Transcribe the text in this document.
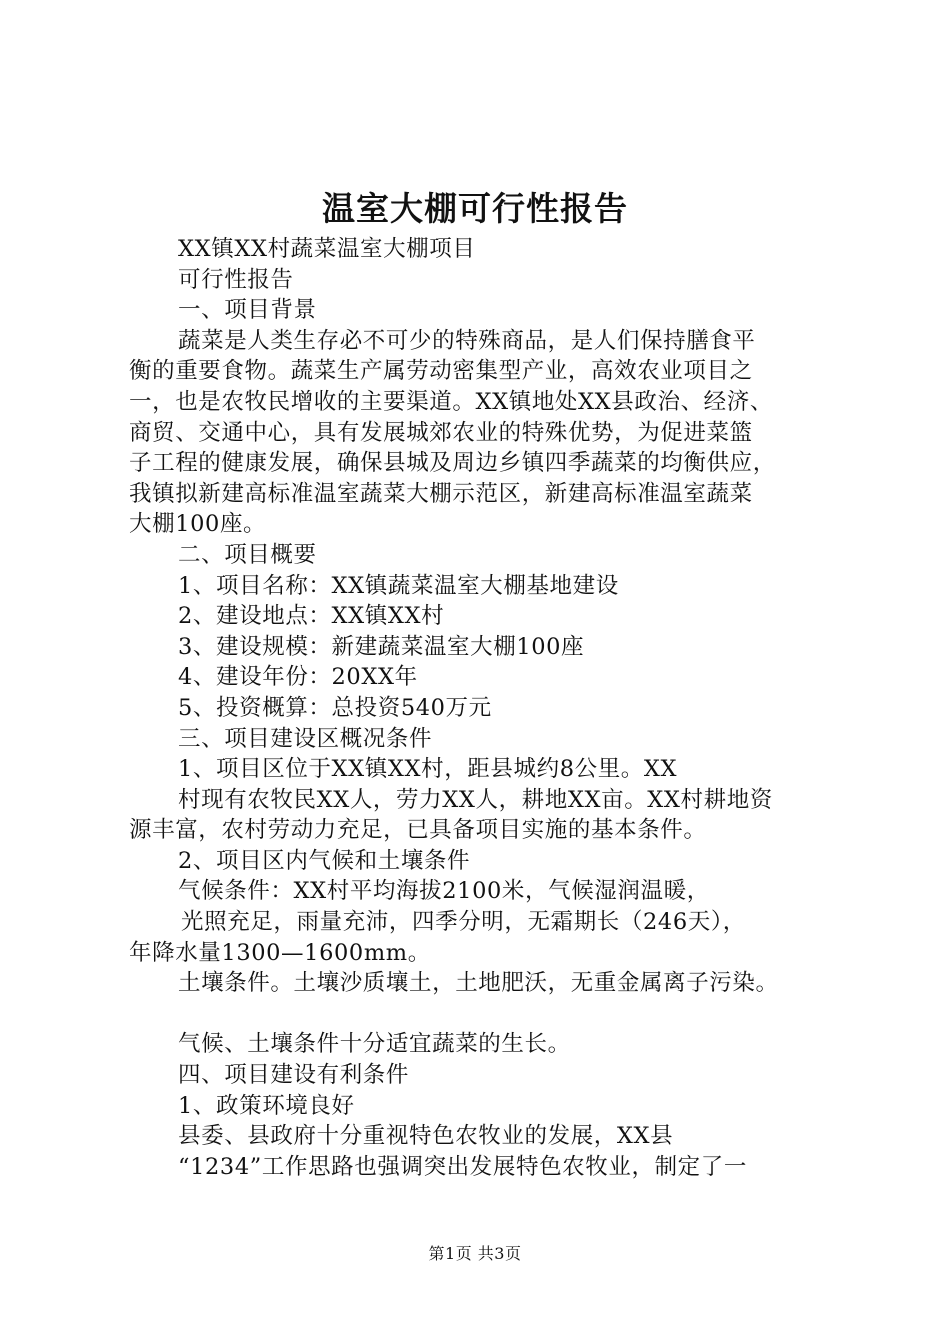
温室大棚可行性报告
XX镇XX村蔬菜温室大棚项目
可行性报告
一、项目背景
蔬菜是人类生存必不可少的特殊商品，是人们保持膳食平
衡的重要食物。蔬菜生产属劳动密集型产业，高效农业项目之
一，也是农牧民增收的主要渠道。XX镇地处XX县政治、经济、
商贸、交通中心，具有发展城郊农业的特殊优势，为促进菜篮
子工程的健康发展，确保县城及周边乡镇四季蔬菜的均衡供应，
我镇拟新建高标准温室蔬菜大棚示范区，新建高标准温室蔬菜
大棚100座。
二、项目概要
1、项目名称：XX镇蔬菜温室大棚基地建设
2、建设地点：XX镇XX村
3、建设规模：新建蔬菜温室大棚100座
4、建设年份：20XX年
5、投资概算：总投资540万元
三、项目建设区概况条件
1、项目区位于XX镇XX村，距县城约8公里。XX
村现有农牧民XX人，劳力XX人，耕地XX亩。XX村耕地资
源丰富，农村劳动力充足，已具备项目实施的基本条件。
2、项目区内气候和土壤条件
气候条件：XX村平均海拔2100米，气候湿润温暖，
光照充足，雨量充沛，四季分明，无霜期长（246天），
年降水量1300—1600mm。
土壤条件。土壤沙质壤土，土地肥沃，无重金属离子污染。
气候、土壤条件十分适宜蔬菜的生长。
四、项目建设有利条件
1、政策环境良好
县委、县政府十分重视特色农牧业的发展，XX县
“1234”工作思路也强调突出发展特色农牧业，制定了一
第1页 共3页
